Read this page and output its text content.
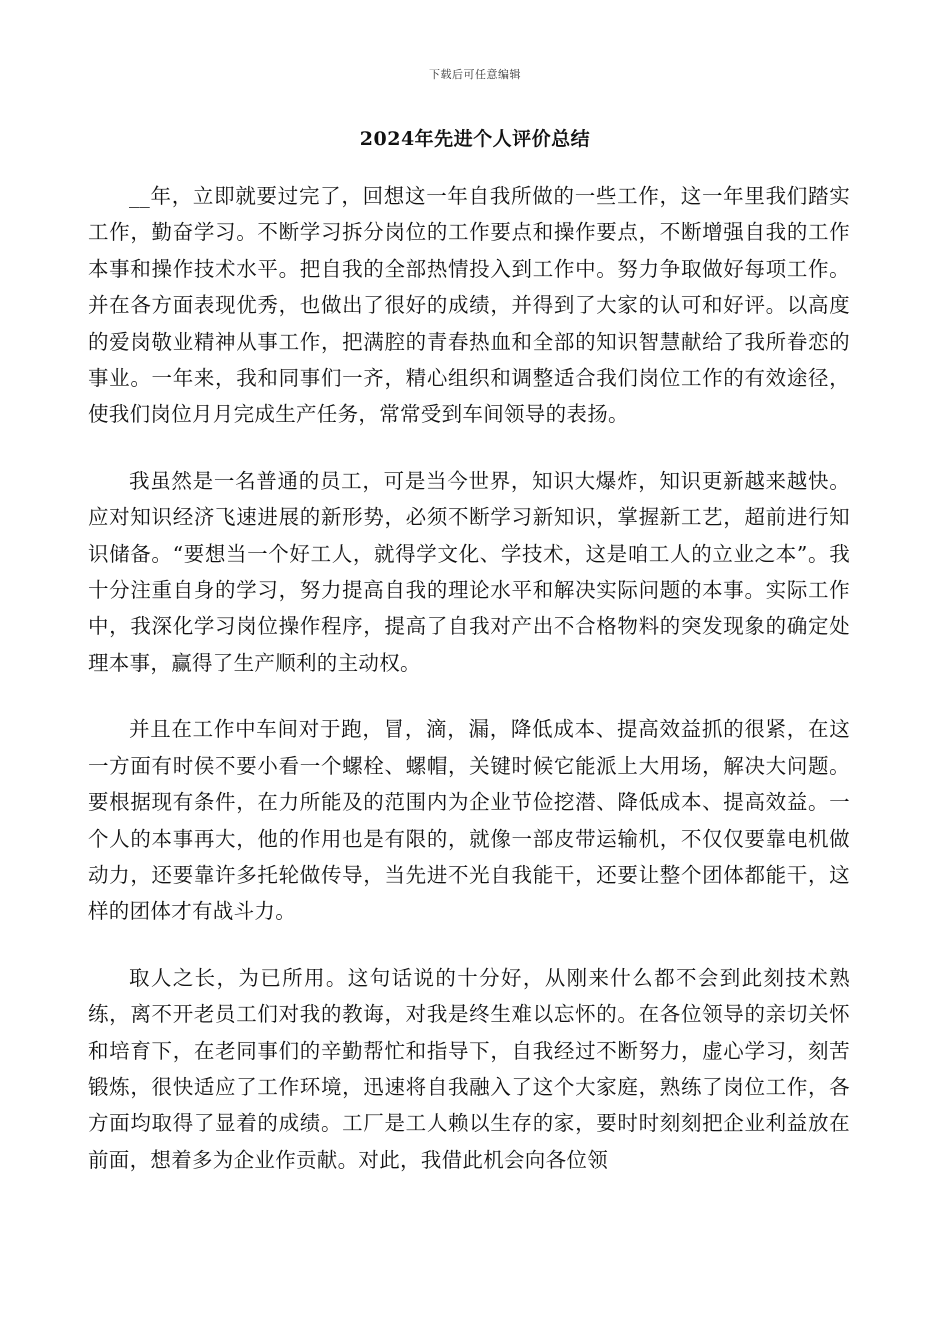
下载后可任意编辑
2024年先进个人评价总结

__年，立即就要过完了，回想这一年自我所做的一些工作，这一年里我们踏实工作，勤奋学习。不断学习拆分岗位的工作要点和操作要点，不断增强自我的工作本事和操作技术水平。把自我的全部热情投入到工作中。努力争取做好每项工作。并在各方面表现优秀，也做出了很好的成绩，并得到了大家的认可和好评。以高度的爱岗敬业精神从事工作，把满腔的青春热血和全部的知识智慧献给了我所眷恋的事业。一年来，我和同事们一齐，精心组织和调整适合我们岗位工作的有效途径，使我们岗位月月完成生产任务，常常受到车间领导的表扬。

我虽然是一名普通的员工，可是当今世界，知识大爆炸，知识更新越来越快。应对知识经济飞速进展的新形势，必须不断学习新知识，掌握新工艺，超前进行知识储备。“要想当一个好工人，就得学文化、学技术，这是咱工人的立业之本”。我十分注重自身的学习，努力提高自我的理论水平和解决实际问题的本事。实际工作中，我深化学习岗位操作程序，提高了自我对产出不合格物料的突发现象的确定处理本事，赢得了生产顺利的主动权。

并且在工作中车间对于跑，冒，滴，漏，降低成本、提高效益抓的很紧，在这一方面有时侯不要小看一个螺栓、螺帽，关键时候它能派上大用场，解决大问题。要根据现有条件，在力所能及的范围内为企业节俭挖潜、降低成本、提高效益。一个人的本事再大，他的作用也是有限的，就像一部皮带运输机，不仅仅要靠电机做动力，还要靠许多托轮做传导，当先进不光自我能干，还要让整个团体都能干，这样的团体才有战斗力。

取人之长，为已所用。这句话说的十分好，从刚来什么都不会到此刻技术熟练，离不开老员工们对我的教诲，对我是终生难以忘怀的。在各位领导的亲切关怀和培育下，在老同事们的辛勤帮忙和指导下，自我经过不断努力，虚心学习，刻苦锻炼，很快适应了工作环境，迅速将自我融入了这个大家庭，熟练了岗位工作，各方面均取得了显着的成绩。工厂是工人赖以生存的家，要时时刻刻把企业利益放在前面，想着多为企业作贡献。对此，我借此机会向各位领
